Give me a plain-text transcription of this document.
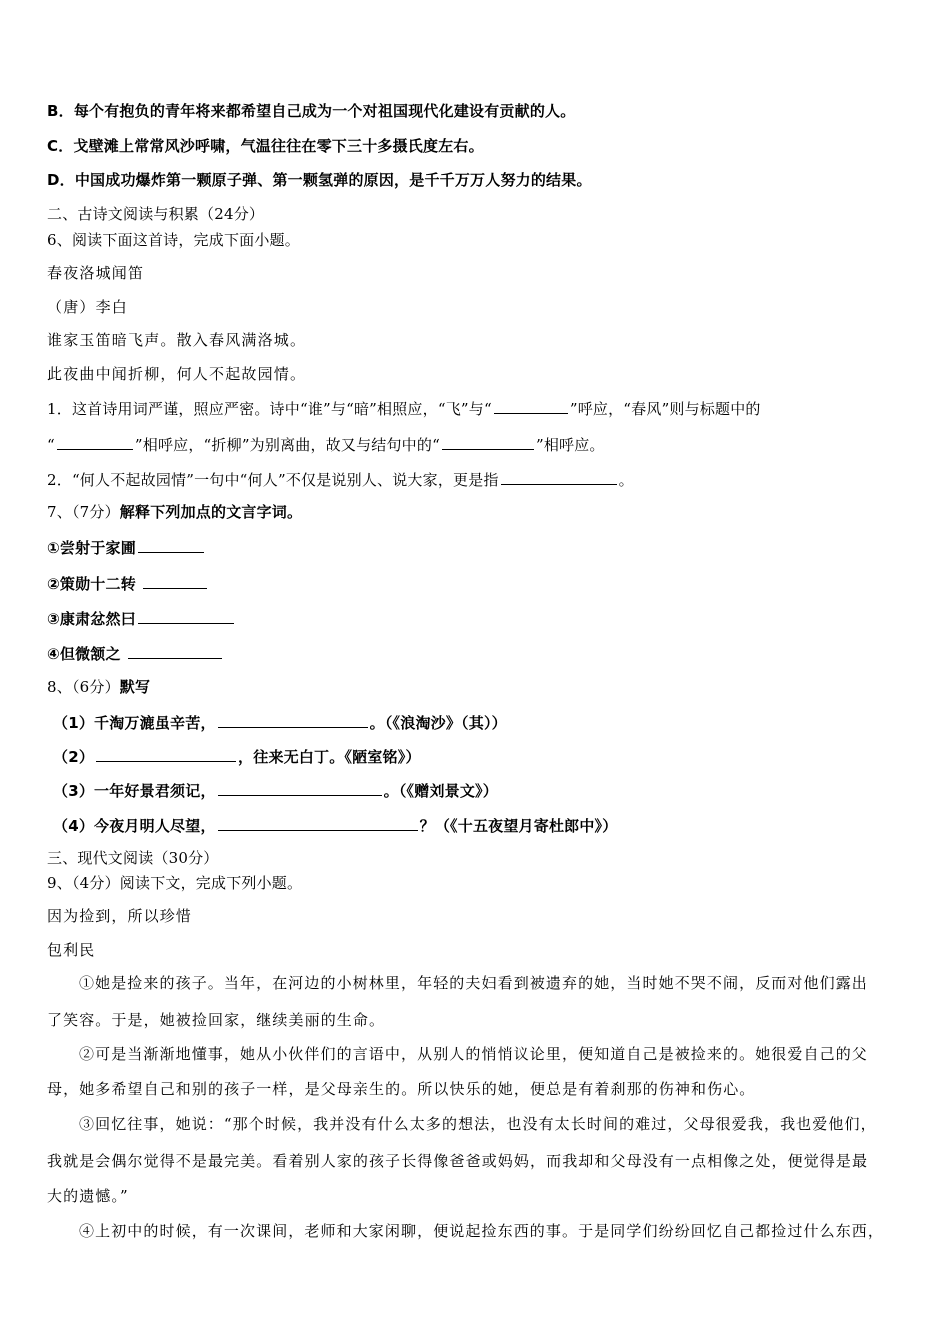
B．每个有抱负的青年将来都希望自己成为一个对祖国现代化建设有贡献的人。
C．戈壁滩上常常风沙呼啸，气温往往在零下三十多摄氏度左右。
D．中国成功爆炸第一颗原子弹、第一颗氢弹的原因，是千千万万人努力的结果。
二、古诗文阅读与积累（24分）
6、阅读下面这首诗，完成下面小题。
春夜洛城闻笛
（唐）李白
谁家玉笛暗飞声。散入春风满洛城。
此夜曲中闻折柳，何人不起故园情。
1．这首诗用词严谨，照应严密。诗中“谁”与“暗”相照应，“飞”与“	”呼应，“春风”则与标题中的
“	”相呼应，“折柳”为别离曲，故又与结句中的“	”相呼应。
2．“何人不起故园情”一句中“何人”不仅是说别人、说大家，更是指	。
7、（7分）解释下列加点的文言字词。
①尝射于家圃
②策勋十二转
③康肃忿然曰
④但微颔之
8、（6分）默写
（1）千淘万漉虽辛苦，	。（《浪淘沙》（其））
（2）	，往来无白丁。《陋室铭》）
（3）一年好景君须记，	。（《赠刘景文》）
（4）今夜月明人尽望，	？（《十五夜望月寄杜郎中》）
三、现代文阅读（30分）
9、（4分）阅读下文，完成下列小题。
因为捡到，所以珍惜
包利民
①她是捡来的孩子。当年，在河边的小树林里，年轻的夫妇看到被遗弃的她，当时她不哭不闹，反而对他们露出
了笑容。于是，她被捡回家，继续美丽的生命。
②可是当渐渐地懂事，她从小伙伴们的言语中，从别人的悄悄议论里，便知道自己是被捡来的。她很爱自己的父
母，她多希望自己和别的孩子一样，是父母亲生的。所以快乐的她，便总是有着刹那的伤神和伤心。
③回忆往事，她说：“那个时候，我并没有什么太多的想法，也没有太长时间的难过，父母很爱我，我也爱他们，
我就是会偶尔觉得不是最完美。看着别人家的孩子长得像爸爸或妈妈，而我却和父母没有一点相像之处，便觉得是最
大的遗憾。”
④上初中的时候，有一次课间，老师和大家闲聊，便说起捡东西的事。于是同学们纷纷回忆自己都捡过什么东西，
